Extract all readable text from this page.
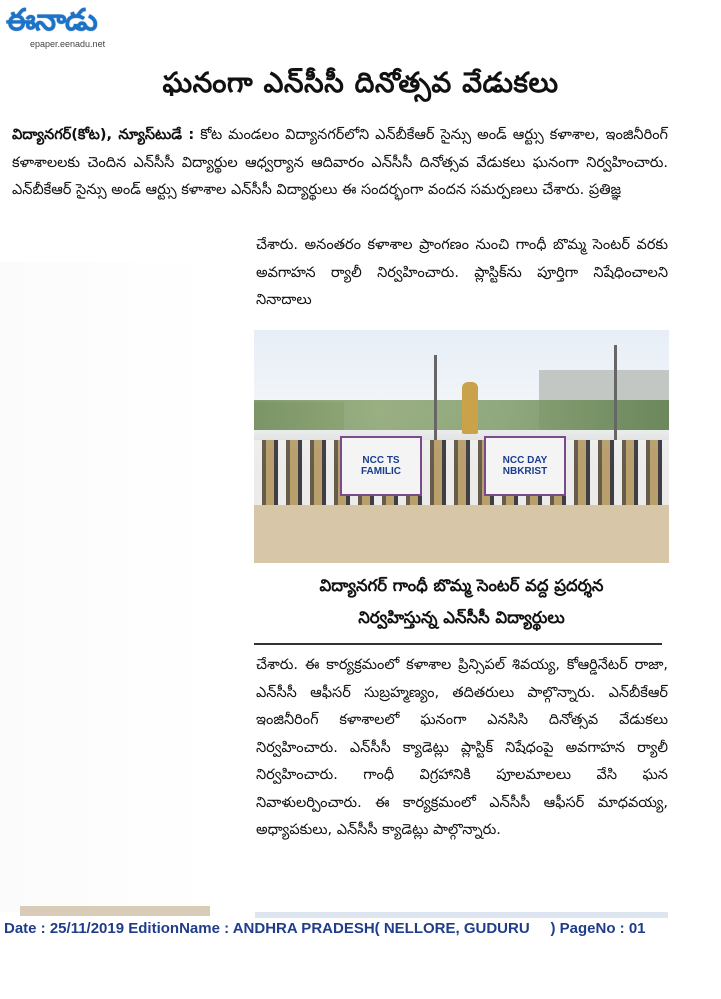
ఈనాడు
epaper.eenadu.net
ఘనంగా ఎన్‌సీసీ దినోత్సవ వేడుకలు

విద్యానగర్(కోట), న్యూస్‌టుడే : కోట మండలం విద్యానగర్‌లోని ఎన్‌బీకేఆర్ సైన్సు అండ్ ఆర్ట్సు కళాశాల, ఇంజినీరింగ్ కళాశాలలకు చెందిన ఎన్‌సీసీ విద్యార్థుల ఆధ్వర్యాన ఆదివారం ఎన్‌సీసీ దినోత్సవ వేడుకలు ఘనంగా నిర్వహించారు. ఎన్‌బీకేఆర్ సైన్సు అండ్ ఆర్ట్సు కళాశాల ఎన్‌సీసీ విద్యార్థులు ఈ సందర్భంగా వందన సమర్పణలు చేశారు. ప్రతిజ్ఞ

చేశారు. అనంతరం కళాశాల ప్రాంగణం నుంచి గాంధీ బొమ్మ సెంటర్ వరకు అవగాహన ర్యాలీ నిర్వహించారు. ప్లాస్టిక్‌ను పూర్తిగా నిషేధించాలని నినాదాలు

NCC TS FAMILIC
NCC DAY NBKRIST
విద్యానగర్ గాంధీ బొమ్మ సెంటర్ వద్ద ప్రదర్శన
నిర్వహిస్తున్న ఎన్‌సీసీ విద్యార్థులు

చేశారు. ఈ కార్యక్రమంలో కళాశాల ప్రిన్సిపల్ శివయ్య, కోఆర్డినేటర్ రాజా, ఎన్‌సీసీ ఆఫీసర్ సుబ్రహ్మణ్యం, తదితరులు పాల్గొన్నారు. ఎన్‌బీకేఆర్ ఇంజినీరింగ్ కళాశాలలో ఘనంగా ఎనసిసి దినోత్సవ వేడుకలు నిర్వహించారు. ఎన్‌సీసీ క్యాడెట్లు ప్లాస్టిక్ నిషేధంపై అవగాహన ర్యాలీ నిర్వహించారు. గాంధీ విగ్రహానికి పూలమాలలు వేసి ఘన నివాళులర్పించారు. ఈ కార్యక్రమంలో ఎన్‌సీసీ ఆఫీసర్ మాధవయ్య, అధ్యాపకులు, ఎన్‌సీసీ క్యాడెట్లు పాల్గొన్నారు.

Date : 25/11/2019 EditionName : ANDHRA PRADESH( NELLORE, GUDURU     ) PageNo : 01
